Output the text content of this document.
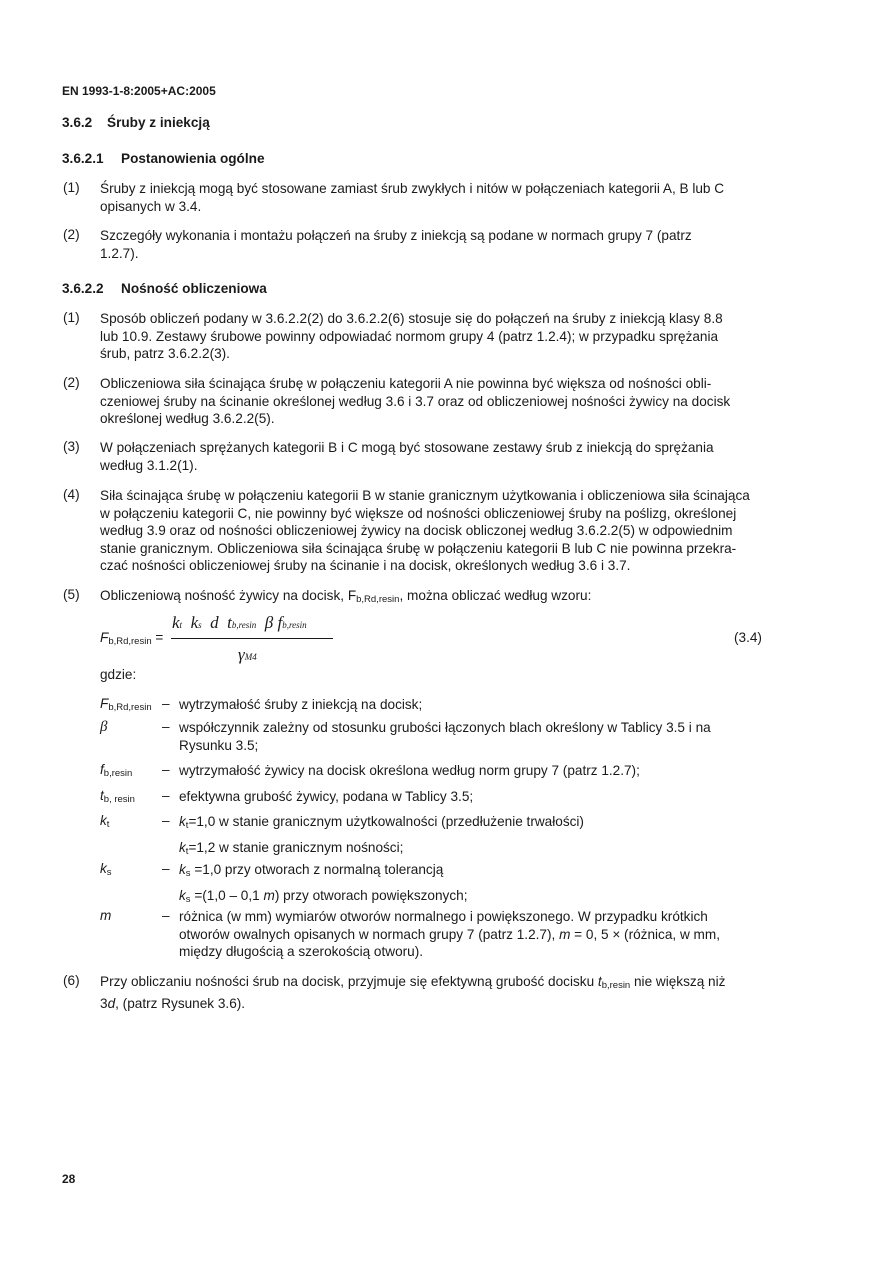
EN 1993-1-8:2005+AC:2005
3.6.2 Śruby z iniekcją
3.6.2.1 Postanowienia ogólne
(1) Śruby z iniekcją mogą być stosowane zamiast śrub zwykłych i nitów w połączeniach kategorii A, B lub C
opisanych w 3.4.
(2) Szczegóły wykonania i montażu połączeń na śruby z iniekcją są podane w normach grupy 7 (patrz
1.2.7).
3.6.2.2 Nośność obliczeniowa
(1) Sposób obliczeń podany w 3.6.2.2(2) do 3.6.2.2(6) stosuje się do połączeń na śruby z iniekcją klasy 8.8
lub 10.9. Zestawy śrubowe powinny odpowiadać normom grupy 4 (patrz 1.2.4); w przypadku sprężania
śrub, patrz 3.6.2.2(3).
(2) Obliczeniowa siła ścinająca śrubę w połączeniu kategorii A nie powinna być większa od nośności obli-
czeniowej śruby na ścinanie określonej według 3.6 i 3.7 oraz od obliczeniowej nośności żywicy na docisk
określonej według 3.6.2.2(5).
(3) W połączeniach sprężanych kategorii B i C mogą być stosowane zestawy śrub z iniekcją do sprężania
według 3.1.2(1).
(4) Siła ścinająca śrubę w połączeniu kategorii B w stanie granicznym użytkowania i obliczeniowa siła ścinająca
w połączeniu kategorii C, nie powinny być większe od nośności obliczeniowej śruby na poślizg, określonej
według 3.9 oraz od nośności obliczeniowej żywicy na docisk obliczonej według 3.6.2.2(5) w odpowiednim
stanie granicznym. Obliczeniowa siła ścinająca śrubę w połączeniu kategorii B lub C nie powinna przekra-
czać nośności obliczeniowej śruby na ścinanie i na docisk, określonych według 3.6 i 3.7.
(5) Obliczeniową nośność żywicy na docisk, $F_{b,Rd,resin}$, można obliczać według wzoru:
$F_{b,Rd,resin}$ =
kt ks d tb,resin β fb,resin
γM4
(3.4)
gdzie:
$F_{b,Rd,resin}$ – wytrzymałość śruby z iniekcją na docisk;
β	– współczynnik zależny od stosunku grubości łączonych blach określony w Tablicy 3.5 i na
Rysunku 3.5;
$f_{b,resin}$ – wytrzymałość żywicy na docisk określona według norm grupy 7 (patrz 1.2.7);
$t_{b, resin}$ – efektywna grubość żywicy, podana w Tablicy 3.5;
$k_t$	– $k_t=1,0$ w stanie granicznym użytkowalności (przedłużenie trwałości)
$k_t=1,2$ w stanie granicznym nośności;
$k_s$	– $k_s =1,0$ przy otworach z normalną tolerancją
$k_s =(1,0 - 0,1$ m) przy otworach powiększonych;
m	– różnica (w mm) wymiarów otworów normalnego i powiększonego. W przypadku krótkich
otworów owalnych opisanych w normach grupy 7 (patrz 1.2.7), m = 0, 5 × (różnica, w mm,
między długością a szerokością otworu).
(6) Przy obliczaniu nośności śrub na docisk, przyjmuje się efektywną grubość docisku $t_{b,resin}$ nie większą niż
3d, (patrz Rysunek 3.6).
28
